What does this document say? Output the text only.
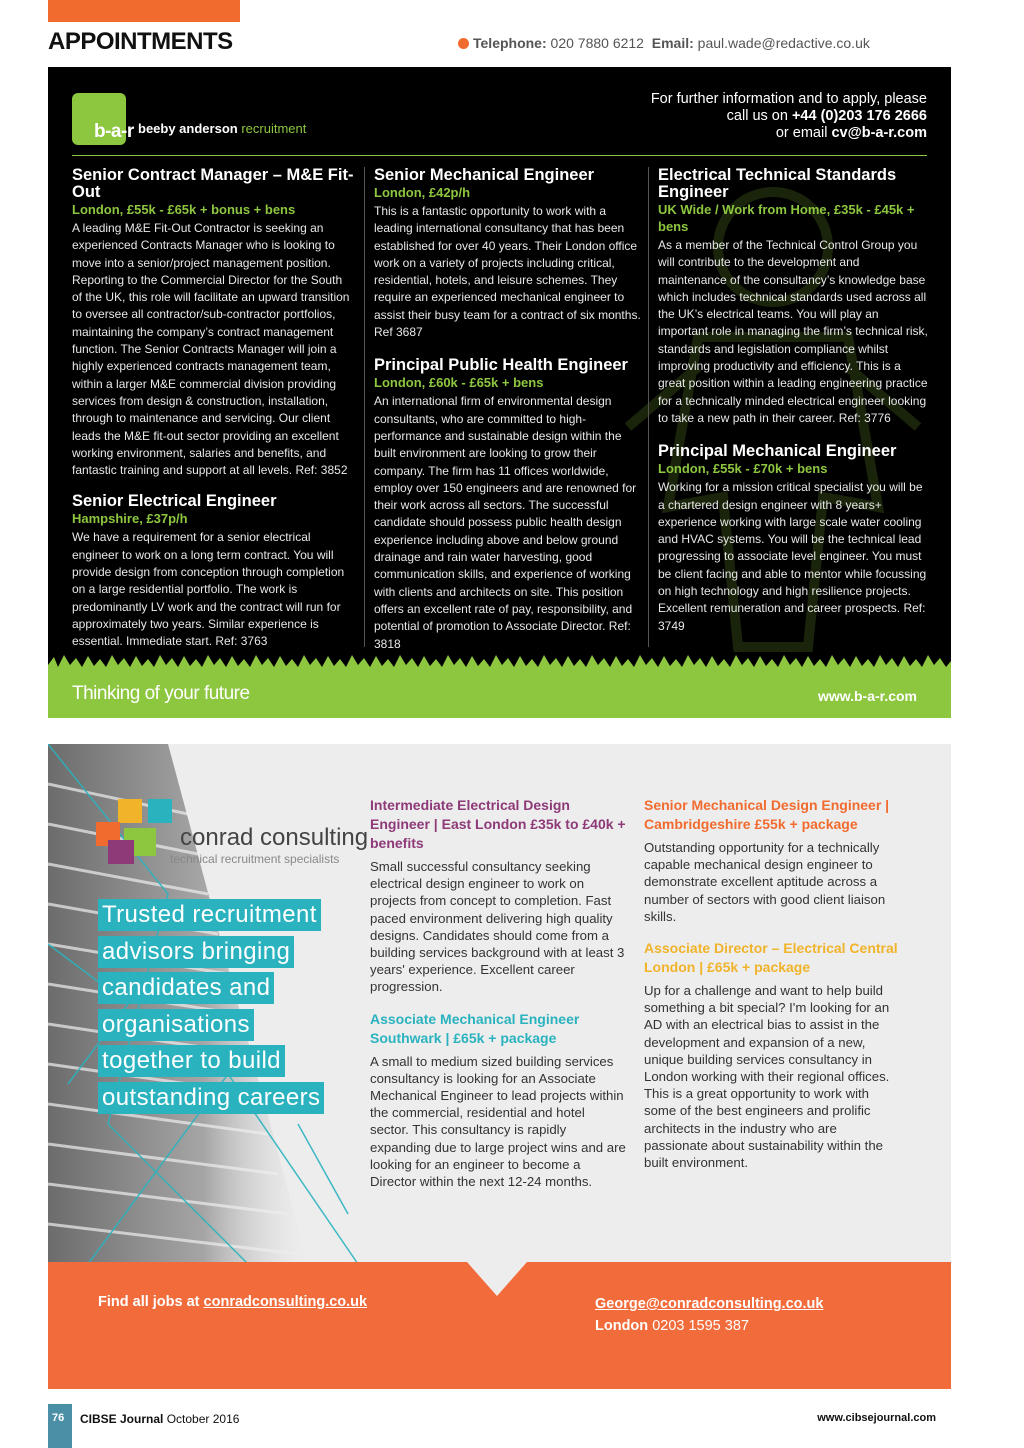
APPOINTMENTS	Telephone: 020 7880 6212 Email: paul.wade@redactive.co.uk
b-a-r beeby anderson recruitment
For further information and to apply, please
call us on +44 (0)203 176 2666
or email cv@b-a-r.com
Senior Contract Manager – M&E Fit-Out
London, £55k - £65k + bonus + bens
A leading M&E Fit-Out Contractor is seeking an experienced Contracts Manager who is looking to move into a senior/project management position. Reporting to the Commercial Director for the South of the UK, this role will facilitate an upward transition to oversee all contractor/sub-contractor portfolios, maintaining the company’s contract management function. The Senior Contracts Manager will join a highly experienced contracts management team, within a larger M&E commercial division providing services from design & construction, installation, through to maintenance and servicing. Our client leads the M&E fit-out sector providing an excellent working environment, salaries and benefits, and fantastic training and support at all levels. Ref: 3852
Senior Electrical Engineer
Hampshire, £37p/h
We have a requirement for a senior electrical engineer to work on a long term contract. You will provide design from conception through completion on a large residential portfolio. The work is predominantly LV work and the contract will run for approximately two years. Similar experience is essential. Immediate start. Ref: 3763
Senior Mechanical Engineer
London, £42p/h
This is a fantastic opportunity to work with a leading international consultancy that has been established for over 40 years. Their London office work on a variety of projects including critical, residential, hotels, and leisure schemes. They require an experienced mechanical engineer to assist their busy team for a contract of six months. Ref 3687
Principal Public Health Engineer
London, £60k - £65k + bens
An international firm of environmental design consultants, who are committed to high-performance and sustainable design within the built environment are looking to grow their company. The firm has 11 offices worldwide, employ over 150 engineers and are renowned for their work across all sectors. The successful candidate should possess public health design experience including above and below ground drainage and rain water harvesting, good communication skills, and experience of working with clients and architects on site. This position offers an excellent rate of pay, responsibility, and potential of promotion to Associate Director. Ref: 3818
Electrical Technical Standards Engineer
UK Wide / Work from Home, £35k - £45k + bens
As a member of the Technical Control Group you will contribute to the development and maintenance of the consultancy’s knowledge base which includes technical standards used across all the UK’s electrical teams. You will play an important role in managing the firm’s technical risk, standards and legislation compliance whilst improving productivity and efficiency. This is a great position within a leading engineering practice for a technically minded electrical engineer looking to take a new path in their career. Ref: 3776
Principal Mechanical Engineer
London, £55k - £70k + bens
Working for a mission critical specialist you will be a chartered design engineer with 8 years+ experience working with large scale water cooling and HVAC systems. You will be the technical lead progressing to associate level engineer. You must be client facing and able to mentor while focussing on high technology and high resilience projects. Excellent remuneration and career prospects. Ref: 3749
Thinking of your future	www.b-a-r.com
conrad consulting
technical recruitment specialists
Trusted recruitment
advisors bringing
candidates and
organisations
together to build
outstanding careers
Intermediate Electrical Design Engineer | East London £35k to £40k + benefits
Small successful consultancy seeking electrical design engineer to work on projects from concept to completion. Fast paced environment delivering high quality designs. Candidates should come from a building services background with at least 3 years' experience. Excellent career progression.
Associate Mechanical Engineer Southwark | £65k + package
A small to medium sized building services consultancy is looking for an Associate Mechanical Engineer to lead projects within the commercial, residential and hotel sector. This consultancy is rapidly expanding due to large project wins and are looking for an engineer to become a Director within the next 12-24 months.
Senior Mechanical Design Engineer | Cambridgeshire £55k + package
Outstanding opportunity for a technically capable mechanical design engineer to demonstrate excellent aptitude across a number of sectors with good client liaison skills.
Associate Director – Electrical Central London | £65k + package
Up for a challenge and want to help build something a bit special? I'm looking for an AD with an electrical bias to assist in the development and expansion of a new, unique building services consultancy in London working with their regional offices. This is a great opportunity to work with some of the best engineers and prolific architects in the industry who are passionate about sustainability within the built environment.
Find all jobs at conradconsulting.co.uk	George@conradconsulting.co.uk
London 0203 1595 387
76 CIBSE Journal October 2016	www.cibsejournal.com
